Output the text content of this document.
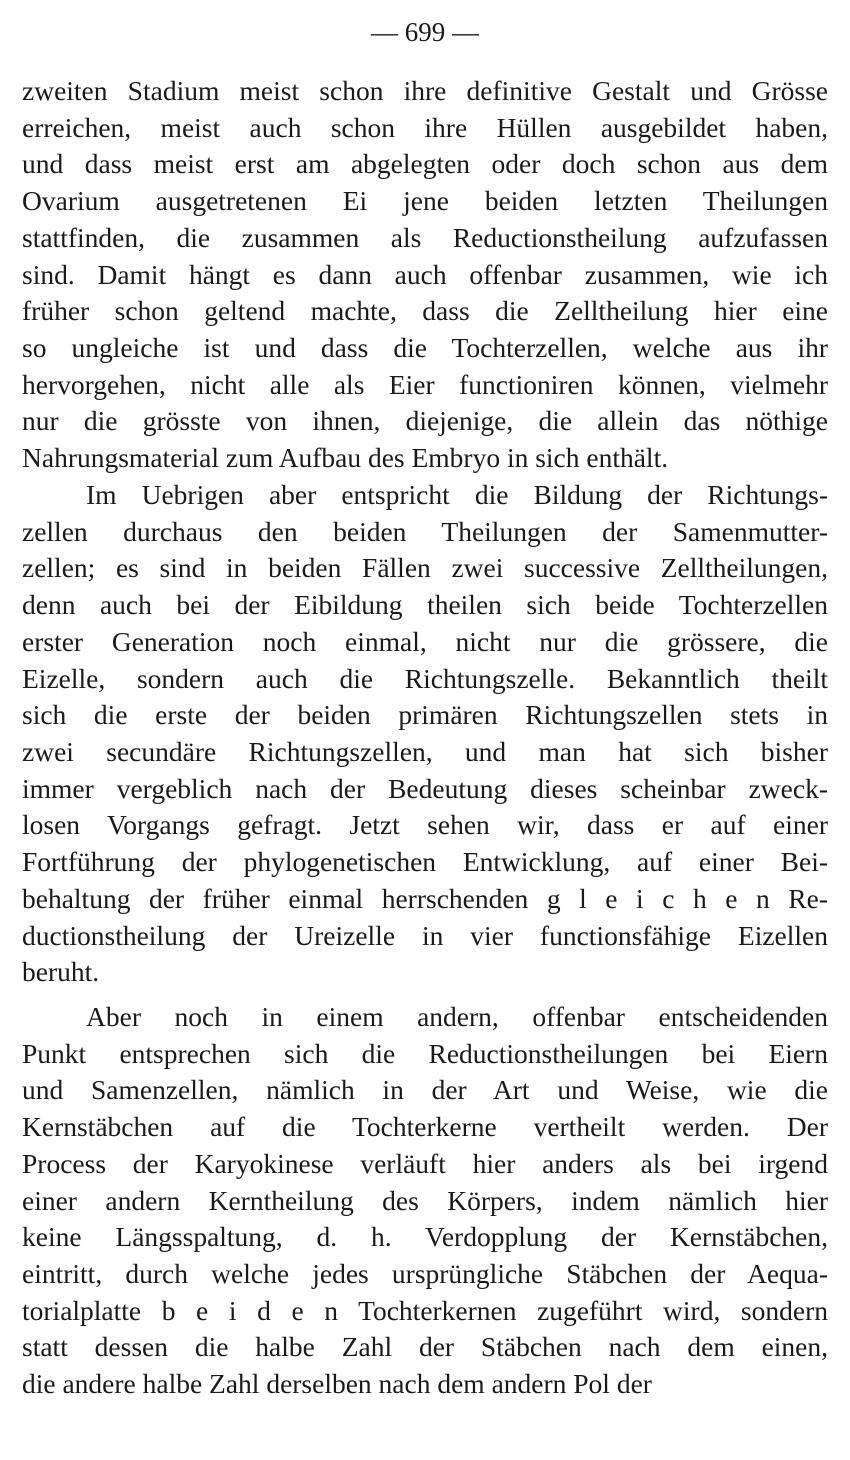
— 699 —
zweiten Stadium meist schon ihre definitive Gestalt und Grösse
erreichen, meist auch schon ihre Hüllen ausgebildet haben,
und dass meist erst am abgelegten oder doch schon aus dem
Ovarium ausgetretenen Ei jene beiden letzten Theilungen
stattfinden, die zusammen als Reductionstheilung aufzufassen
sind. Damit hängt es dann auch offenbar zusammen, wie ich
früher schon geltend machte, dass die Zelltheilung hier eine
so ungleiche ist und dass die Tochterzellen, welche aus ihr
hervorgehen, nicht alle als Eier functioniren können, vielmehr
nur die grösste von ihnen, diejenige, die allein das nöthige
Nahrungsmaterial zum Aufbau des Embryo in sich enthält.
Im Uebrigen aber entspricht die Bildung der Richtungs-
zellen durchaus den beiden Theilungen der Samenmutter-
zellen; es sind in beiden Fällen zwei successive Zelltheilungen,
denn auch bei der Eibildung theilen sich beide Tochterzellen
erster Generation noch einmal, nicht nur die grössere, die
Eizelle, sondern auch die Richtungszelle. Bekanntlich theilt
sich die erste der beiden primären Richtungszellen stets in
zwei secundäre Richtungszellen, und man hat sich bisher
immer vergeblich nach der Bedeutung dieses scheinbar zweck-
losen Vorgangs gefragt. Jetzt sehen wir, dass er auf einer
Fortführung der phylogenetischen Entwicklung, auf einer Bei-
behaltung der früher einmal herrschenden g l e i c h e n Re-
ductionstheilung der Ureizelle in vier functionsfähige Eizellen
beruht.
Aber noch in einem andern, offenbar entscheidenden
Punkt entsprechen sich die Reductionstheilungen bei Eiern
und Samenzellen, nämlich in der Art und Weise, wie die
Kernstäbchen auf die Tochterkerne vertheilt werden. Der
Process der Karyokinese verläuft hier anders als bei irgend
einer andern Kerntheilung des Körpers, indem nämlich hier
keine Längsspaltung, d. h. Verdopplung der Kernstäbchen,
eintritt, durch welche jedes ursprüngliche Stäbchen der Aequa-
torialplatte b e i d e n Tochterkernen zugeführt wird, sondern
statt dessen die halbe Zahl der Stäbchen nach dem einen,
die andere halbe Zahl derselben nach dem andern Pol der
